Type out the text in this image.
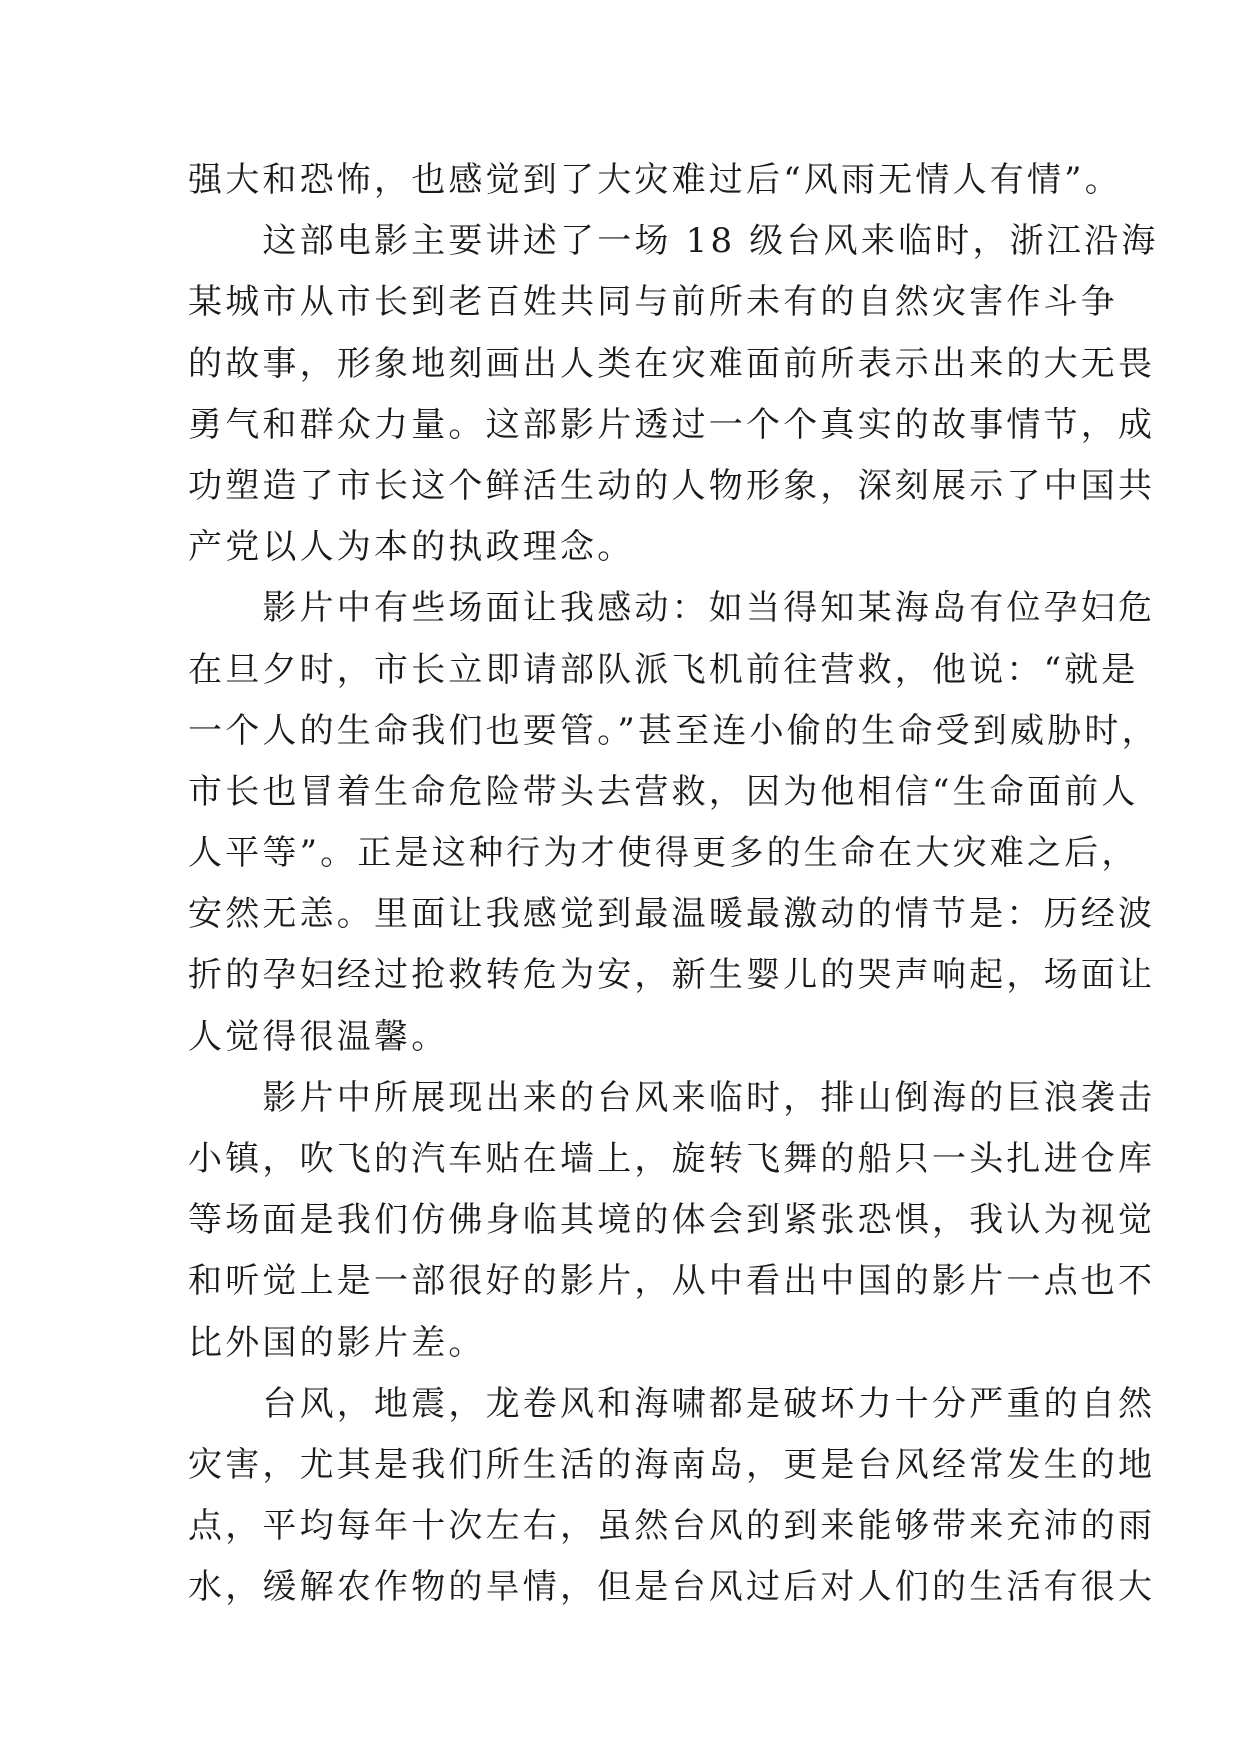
强大和恐怖，也感觉到了大灾难过后“风雨无情人有情”。
　　这部电影主要讲述了一场 18 级台风来临时，浙江沿海
某城市从市长到老百姓共同与前所未有的自然灾害作斗争
的故事，形象地刻画出人类在灾难面前所表示出来的大无畏
勇气和群众力量。这部影片透过一个个真实的故事情节，成
功塑造了市长这个鲜活生动的人物形象，深刻展示了中国共
产党以人为本的执政理念。
　　影片中有些场面让我感动：如当得知某海岛有位孕妇危
在旦夕时，市长立即请部队派飞机前往营救，他说：“就是
一个人的生命我们也要管。”甚至连小偷的生命受到威胁时，
市长也冒着生命危险带头去营救，因为他相信“生命面前人
人平等”。正是这种行为才使得更多的生命在大灾难之后，
安然无恙。里面让我感觉到最温暖最激动的情节是：历经波
折的孕妇经过抢救转危为安，新生婴儿的哭声响起，场面让
人觉得很温馨。
　　影片中所展现出来的台风来临时，排山倒海的巨浪袭击
小镇，吹飞的汽车贴在墙上，旋转飞舞的船只一头扎进仓库
等场面是我们仿佛身临其境的体会到紧张恐惧，我认为视觉
和听觉上是一部很好的影片，从中看出中国的影片一点也不
比外国的影片差。
　　台风，地震，龙卷风和海啸都是破坏力十分严重的自然
灾害，尤其是我们所生活的海南岛，更是台风经常发生的地
点，平均每年十次左右，虽然台风的到来能够带来充沛的雨
水，缓解农作物的旱情，但是台风过后对人们的生活有很大
